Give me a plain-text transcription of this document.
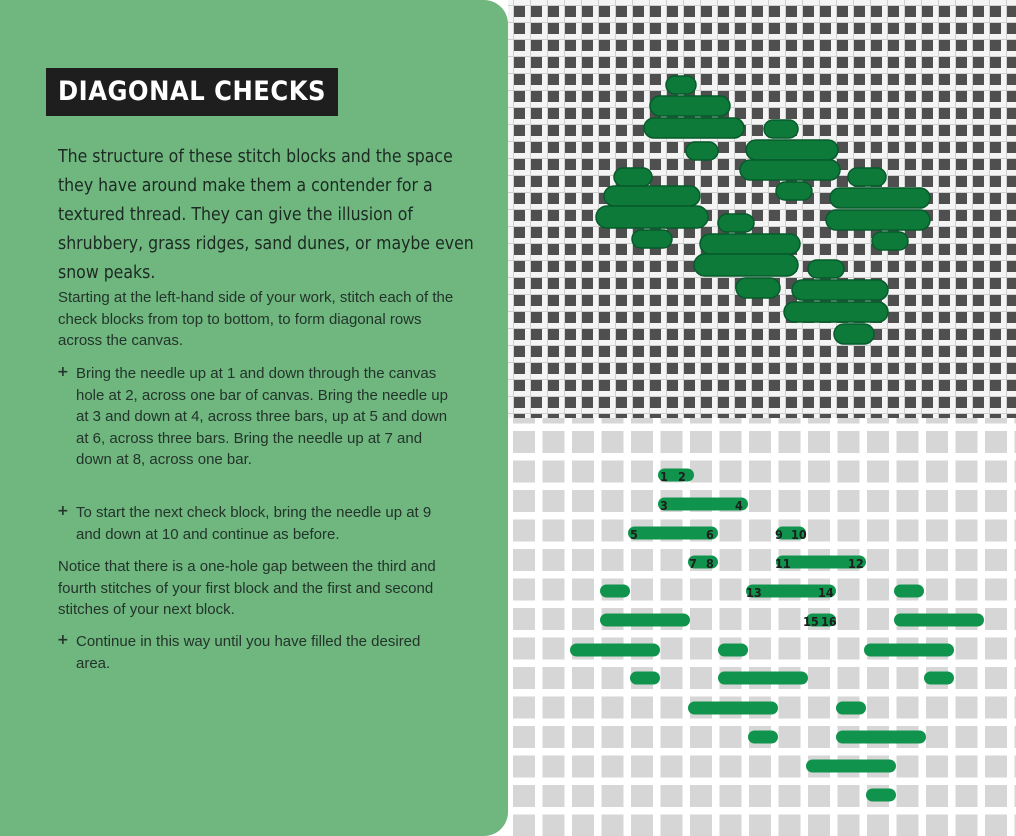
DIAGONAL CHECKS
The structure of these stitch blocks and the space they have around make them a contender for a textured thread. They can give the illusion of shrubbery, grass ridges, sand dunes, or maybe even snow peaks.
Starting at the left-hand side of your work, stitch each of the check blocks from top to bottom, to form diagonal rows across the canvas.
+ Bring the needle up at 1 and down through the canvas hole at 2, across one bar of canvas. Bring the needle up at 3 and down at 4, across three bars, up at 5 and down at 6, across three bars. Bring the needle up at 7 and down at 8, across one bar.
+ To start the next check block, bring the needle up at 9 and down at 10 and continue as before.
Notice that there is a one-hole gap between the third and fourth stitches of your first block and the first and second stitches of your next block.
+ Continue in this way until you have filled the desired area.
1 2
3	4
5	6
7 8
9 10
11	12
13	14
15 16
